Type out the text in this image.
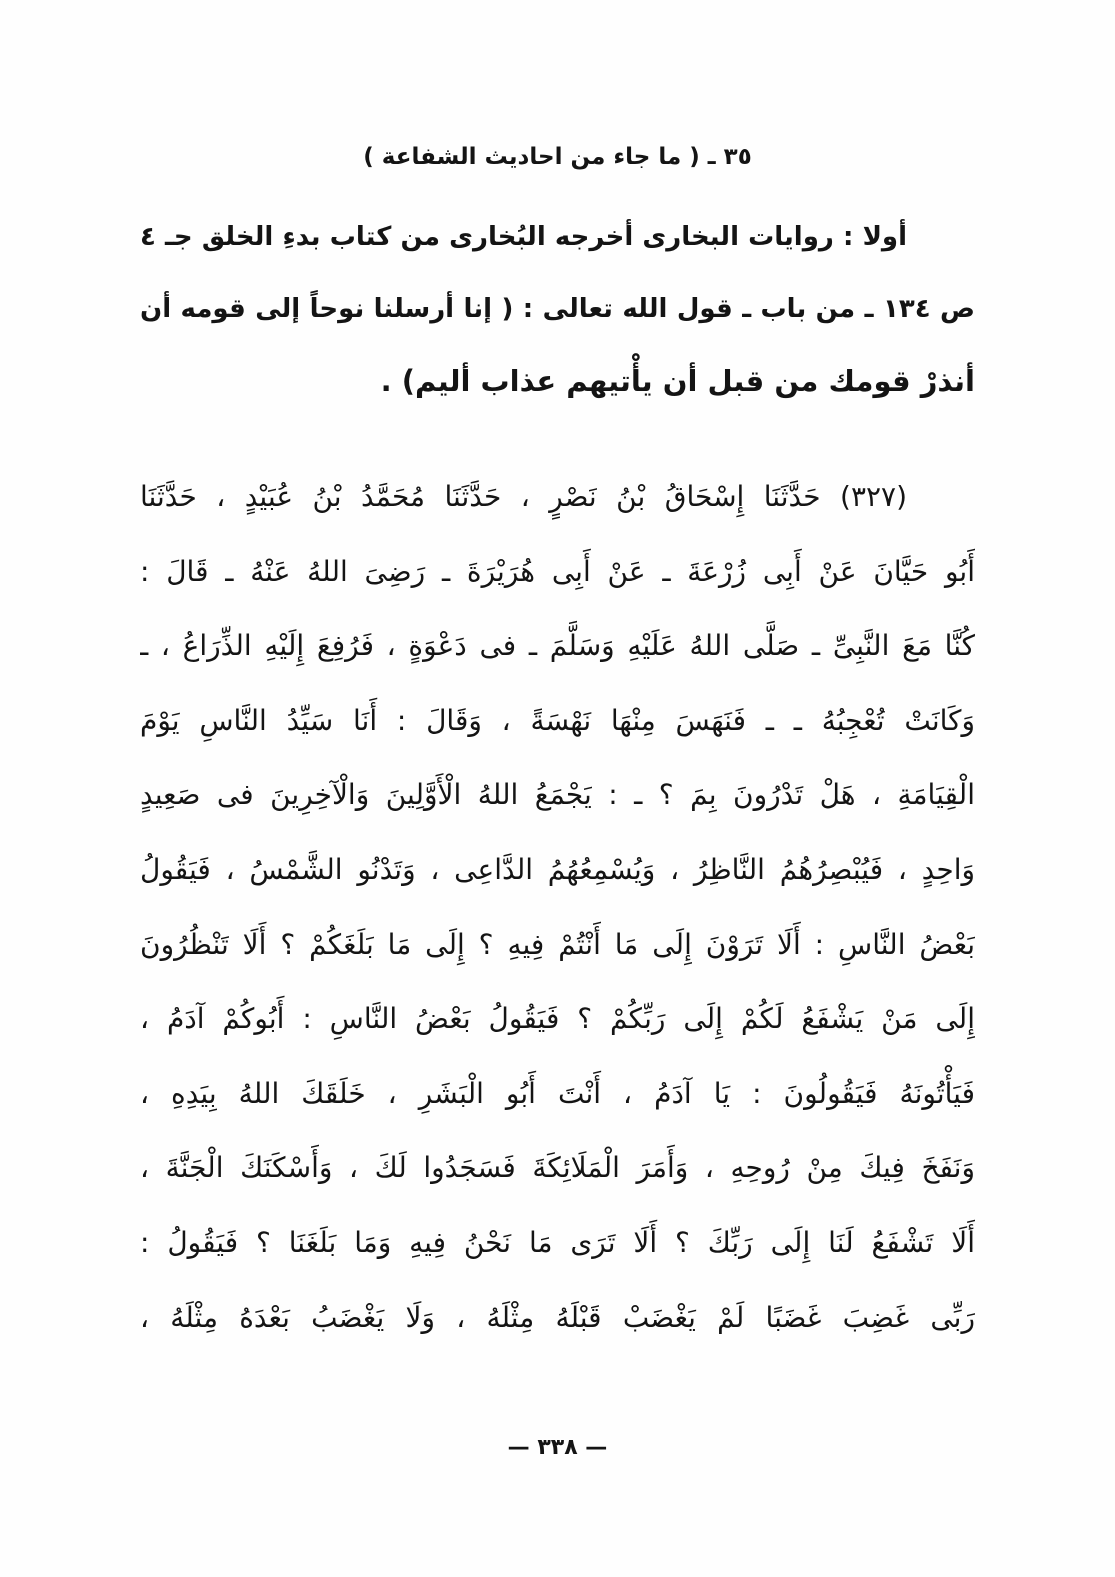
٣٥ ـ ( ما جاء من احاديث الشفاعة )
أولا : روايات البخارى أخرجه البُخارى من كتاب بدءِ الخلق جـ ٤
ص ١٣٤ ـ من باب ـ قول الله تعالى : ( إنا أرسلنا نوحاً إلى قومه أن
أنذرْ قومك من قبل أن يأْتيهم عذاب أليم) .
(٣٢٧) حَدَّثَنَا إِسْحَاقُ بْنُ نَصْرٍ ، حَدَّثَنَا مُحَمَّدُ بْنُ عُبَيْدٍ ، حَدَّثَنَا
أَبُو حَيَّانَ عَنْ أَبِى زُرْعَةَ ـ عَنْ أَبِى هُرَيْرَةَ ـ رَضِىَ اللهُ عَنْهُ ـ قَالَ :
كُنَّا مَعَ النَّبِىِّ ـ صَلَّى اللهُ عَلَيْهِ وَسَلَّمَ ـ فى دَعْوَةٍ ، فَرُفِعَ إِلَيْهِ الذِّرَاعُ ، ـ
وَكَانَتْ تُعْجِبُهُ ـ ـ فَنَهَسَ مِنْهَا نَهْسَةً ، وَقَالَ : أَنَا سَيِّدُ النَّاسِ يَوْمَ
الْقِيَامَةِ ، هَلْ تَدْرُونَ بِمَ ؟ ـ : يَجْمَعُ اللهُ الْأَوَّلِينَ وَالْآخِرِينَ فى صَعِيدٍ
وَاحِدٍ ، فَيُبْصِرُهُمُ النَّاظِرُ ، وَيُسْمِعُهُمُ الدَّاعِى ، وَتَدْنُو الشَّمْسُ ، فَيَقُولُ
بَعْضُ النَّاسِ : أَلَا تَرَوْنَ إِلَى مَا أَنْتُمْ فِيهِ ؟ إِلَى مَا بَلَغَكُمْ ؟ أَلَا تَنْظُرُونَ
إِلَى مَنْ يَشْفَعُ لَكُمْ إِلَى رَبِّكُمْ ؟ فَيَقُولُ بَعْضُ النَّاسِ : أَبُوكُمْ آدَمُ ،
فَيَأْتُونَهُ فَيَقُولُونَ : يَا آدَمُ ، أَنْتَ أَبُو الْبَشَرِ ، خَلَقَكَ اللهُ بِيَدِهِ ،
وَنَفَخَ فِيكَ مِنْ رُوحِهِ ، وَأَمَرَ الْمَلَائِكَةَ فَسَجَدُوا لَكَ ، وَأَسْكَنَكَ الْجَنَّةَ ،
أَلَا تَشْفَعُ لَنَا إِلَى رَبِّكَ ؟ أَلَا تَرَى مَا نَحْنُ فِيهِ وَمَا بَلَغَنَا ؟ فَيَقُولُ :
رَبِّى غَضِبَ غَضَبًا لَمْ يَغْضَبْ قَبْلَهُ مِثْلَهُ ، وَلَا يَغْضَبُ بَعْدَهُ مِثْلَهُ ،
— ٣٣٨ —
